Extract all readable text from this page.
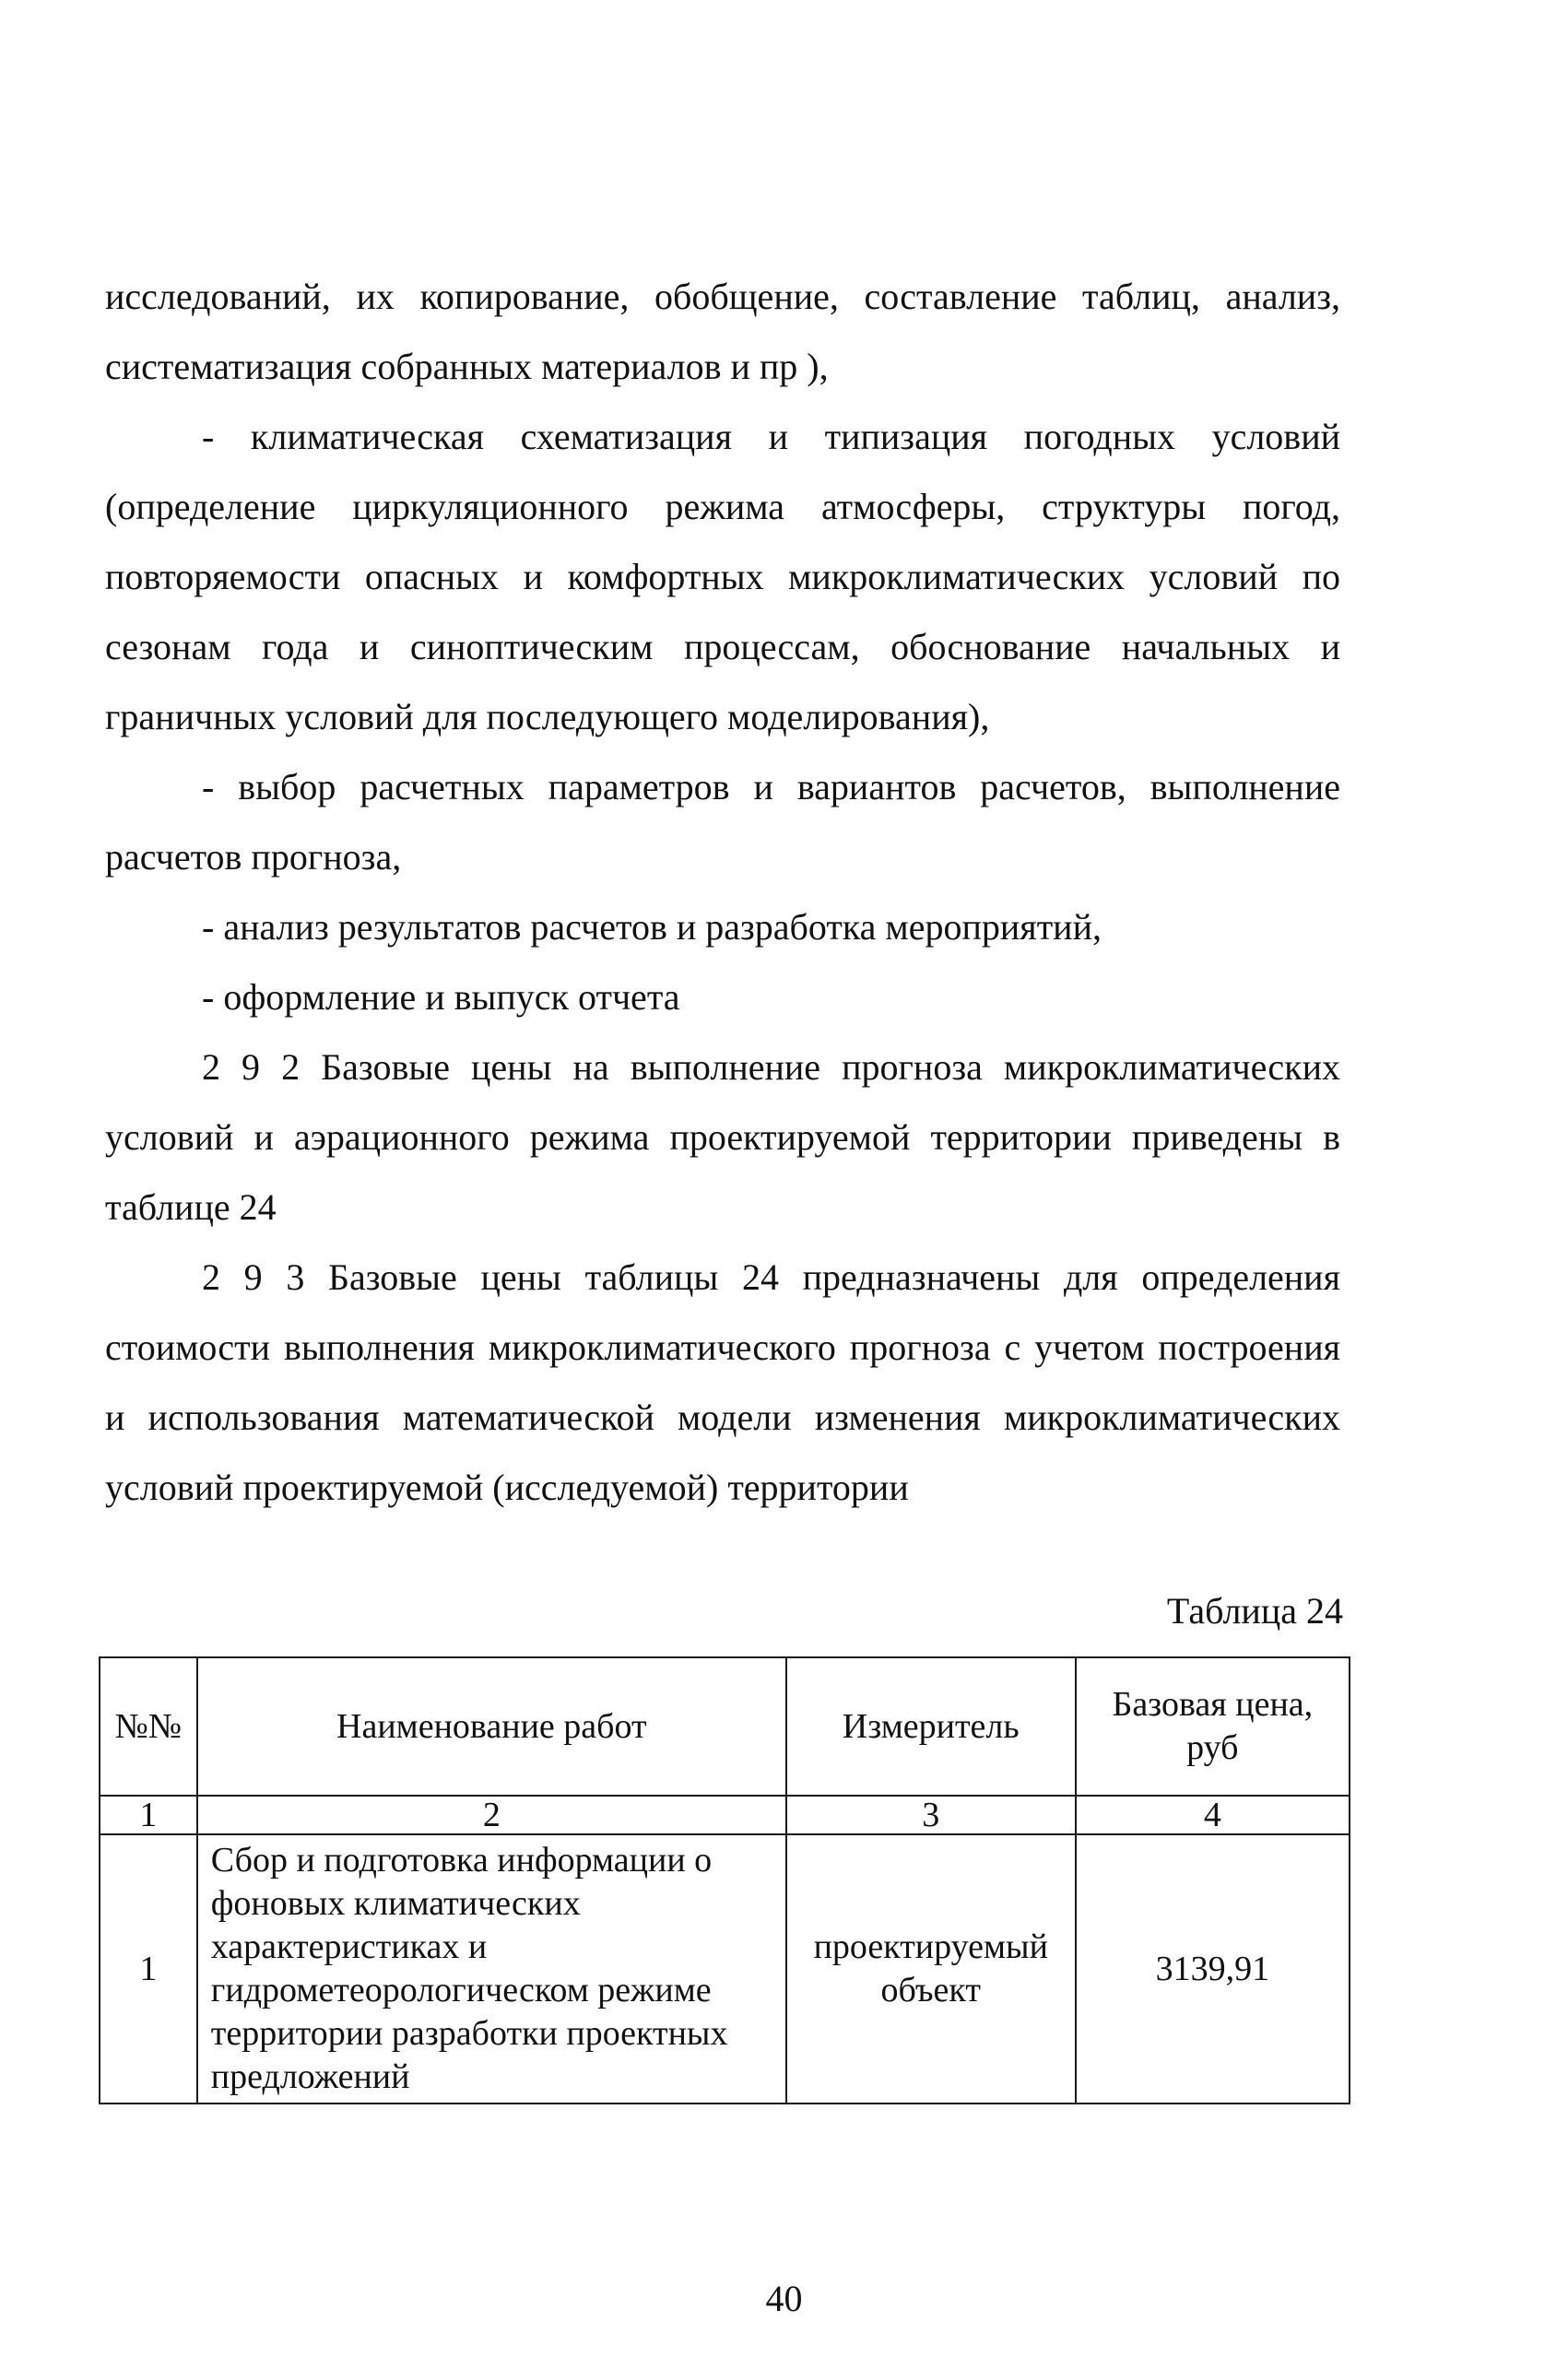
исследований, их копирование, обобщение, составление таблиц, анализ, систематизация собранных материалов и пр ),

- климатическая схематизация и типизация погодных условий (определение циркуляционного режима атмосферы, структуры погод, повторяемости опасных и комфортных микроклиматических условий по сезонам года и синоптическим процессам, обоснование начальных и граничных условий для последующего моделирования),

- выбор расчетных параметров и вариантов расчетов, выполнение расчетов прогноза,

- анализ результатов расчетов и разработка мероприятий,

- оформление и выпуск отчета

2 9 2 Базовые цены на выполнение прогноза микроклиматических условий и аэрационного режима проектируемой территории приведены в таблице 24

2 9 3 Базовые цены таблицы 24 предназначены для определения стоимости выполнения микроклиматического прогноза с учетом построения и использования математической модели изменения микроклиматических условий проектируемой (исследуемой) территории

Таблица 24
№№	Наименование работ	Измеритель	Базовая цена, руб
1	2	3	4
1	Сбор и подготовка информации о фоновых климатических характеристиках и гидрометеорологическом режиме территории разработки проектных предложений	проектируемый объект	3139,91
40
